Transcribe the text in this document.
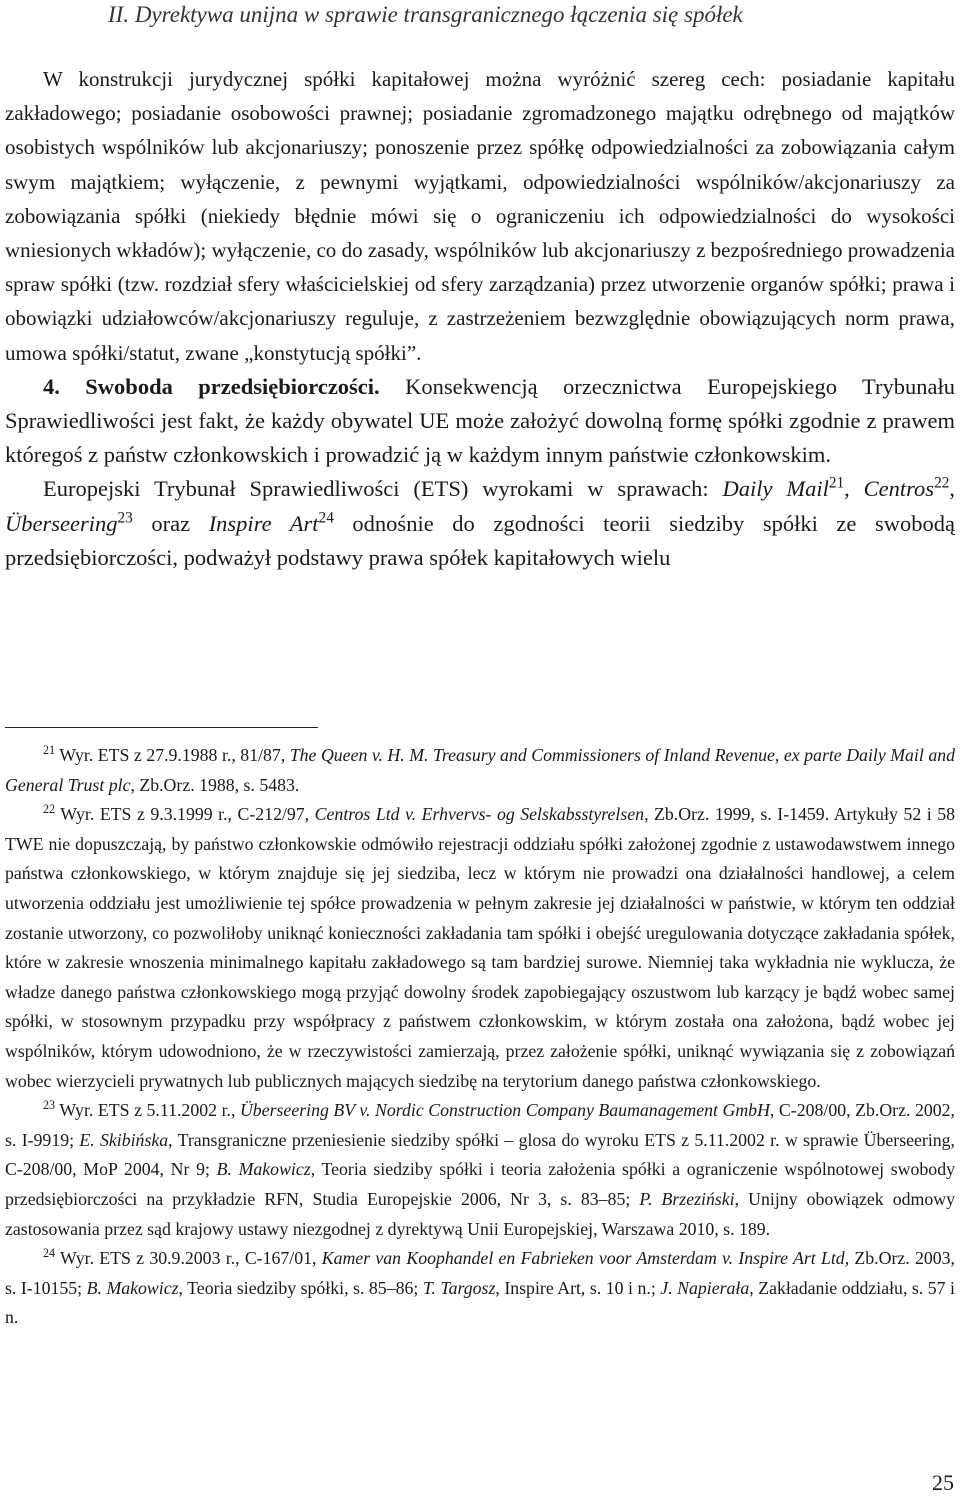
II. Dyrektywa unijna w sprawie transgranicznego łączenia się spółek

W konstrukcji jurydycznej spółki kapitałowej można wyróżnić szereg cech: posiadanie kapitału zakładowego; posiadanie osobowości prawnej; posiadanie zgromadzonego majątku odrębnego od majątków osobistych wspólników lub akcjonariuszy; ponoszenie przez spółkę odpowiedzialności za zobowiązania całym swym majątkiem; wyłączenie, z pewnymi wyjątkami, odpowiedzialności wspólników/akcjonariuszy za zobowiązania spółki (niekiedy błędnie mówi się o ograniczeniu ich odpowiedzialności do wysokości wniesionych wkładów); wyłączenie, co do zasady, wspólników lub akcjonariuszy z bezpośredniego prowadzenia spraw spółki (tzw. rozdział sfery właścicielskiej od sfery zarządzania) przez utworzenie organów spółki; prawa i obowiązki udziałowców/akcjonariuszy reguluje, z zastrzeżeniem bezwzględnie obowiązujących norm prawa, umowa spółki/statut, zwane „konstytucją spółki”.

4. Swoboda przedsiębiorczości. Konsekwencją orzecznictwa Europejskiego Trybunału Sprawiedliwości jest fakt, że każdy obywatel UE może założyć dowolną formę spółki zgodnie z prawem któregoś z państw członkowskich i prowadzić ją w każdym innym państwie członkowskim.

Europejski Trybunał Sprawiedliwości (ETS) wyrokami w sprawach: Daily Mail$^{21}$, Centros$^{22}$, Überseering$^{23}$ oraz Inspire Art$^{24}$ odnośnie do zgodności teorii siedziby spółki ze swobodą przedsiębiorczości, podważył podstawy prawa spółek kapitałowych wielu

$^{21}$ Wyr. ETS z 27.9.1988 r., 81/87, The Queen v. H. M. Treasury and Commissioners of Inland Revenue, ex parte Daily Mail and General Trust plc, Zb.Orz. 1988, s. 5483.

$^{22}$ Wyr. ETS z 9.3.1999 r., C-212/97, Centros Ltd v. Erhvervs- og Selskabsstyrelsen, Zb.Orz. 1999, s. I-1459. Artykuły 52 i 58 TWE nie dopuszczają, by państwo członkowskie odmówiło rejestracji oddziału spółki założonej zgodnie z ustawodawstwem innego państwa członkowskiego, w którym znajduje się jej siedziba, lecz w którym nie prowadzi ona działalności handlowej, a celem utworzenia oddziału jest umożliwienie tej spółce prowadzenia w pełnym zakresie jej działalności w państwie, w którym ten oddział zostanie utworzony, co pozwoliłoby uniknąć konieczności zakładania tam spółki i obejść uregulowania dotyczące zakładania spółek, które w zakresie wnoszenia minimalnego kapitału zakładowego są tam bardziej surowe. Niemniej taka wykładnia nie wyklucza, że władze danego państwa członkowskiego mogą przyjąć dowolny środek zapobiegający oszustwom lub karzący je bądź wobec samej spółki, w stosownym przypadku przy współpracy z państwem członkowskim, w którym została ona założona, bądź wobec jej wspólników, którym udowodniono, że w rzeczywistości zamierzają, przez założenie spółki, uniknąć wywiązania się z zobowiązań wobec wierzycieli prywatnych lub publicznych mających siedzibę na terytorium danego państwa członkowskiego.

$^{23}$ Wyr. ETS z 5.11.2002 r., Überseering BV v. Nordic Construction Company Baumanagement GmbH, C-208/00, Zb.Orz. 2002, s. I-9919; E. Skibińska, Transgraniczne przeniesienie siedziby spółki – glosa do wyroku ETS z 5.11.2002 r. w sprawie Überseering, C-208/00, MoP 2004, Nr 9; B. Makowicz, Teoria siedziby spółki i teoria założenia spółki a ograniczenie wspólnotowej swobody przedsiębiorczości na przykładzie RFN, Studia Europejskie 2006, Nr 3, s. 83–85; P. Brzeziński, Unijny obowiązek odmowy zastosowania przez sąd krajowy ustawy niezgodnej z dyrektywą Unii Europejskiej, Warszawa 2010, s. 189.

$^{24}$ Wyr. ETS z 30.9.2003 r., C-167/01, Kamer van Koophandel en Fabrieken voor Amsterdam v. Inspire Art Ltd, Zb.Orz. 2003, s. I-10155; B. Makowicz, Teoria siedziby spółki, s. 85–86; T. Targosz, Inspire Art, s. 10 i n.; J. Napierała, Zakładanie oddziału, s. 57 i n.

25
